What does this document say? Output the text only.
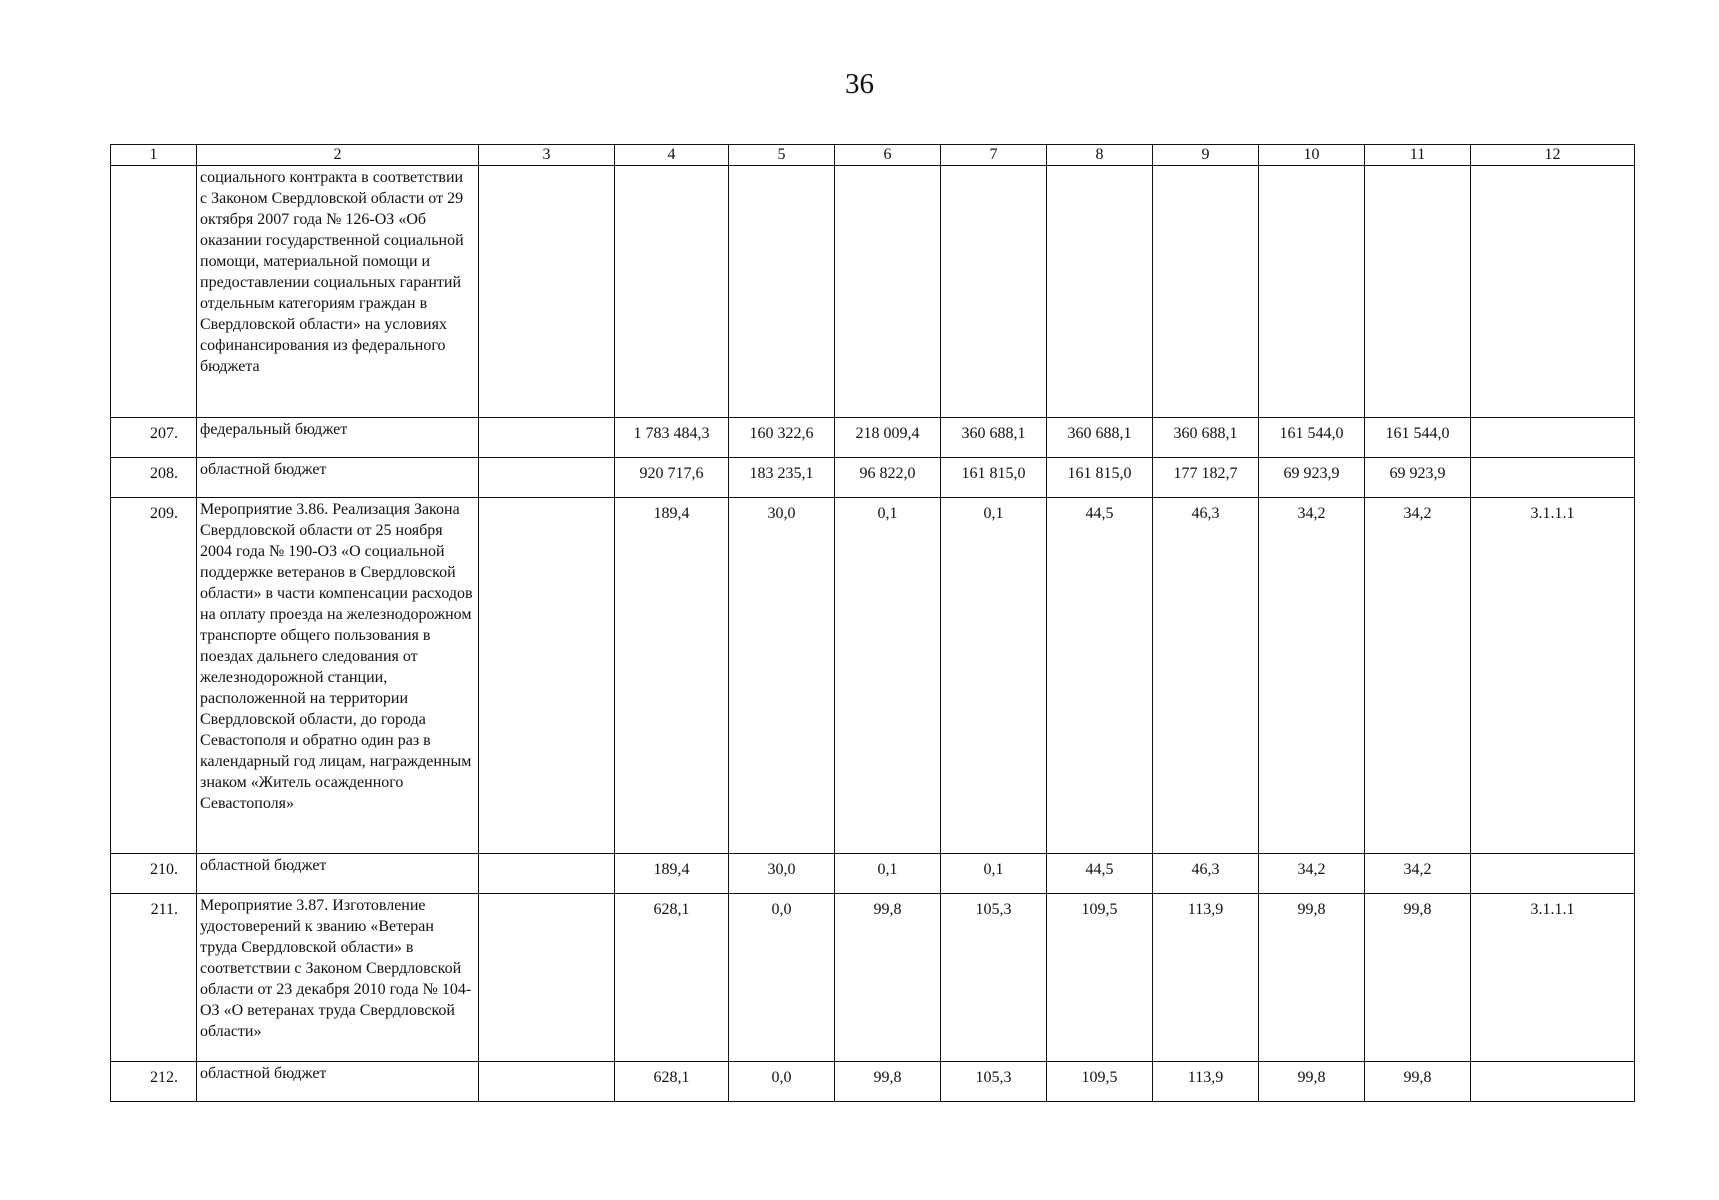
36
1	2	3	4	5	6	7	8	9	10	11	12
	социального контракта в соответствии с Законом Свердловской области от 29 октября 2007 года № 126-ОЗ «Об оказании государственной социальной помощи, материальной помощи и предоставлении социальных гарантий отдельным категориям граждан в Свердловской области» на условиях софинансирования из федерального бюджета										
207.	федеральный бюджет		1 783 484,3	160 322,6	218 009,4	360 688,1	360 688,1	360 688,1	161 544,0	161 544,0	
208.	областной бюджет		920 717,6	183 235,1	96 822,0	161 815,0	161 815,0	177 182,7	69 923,9	69 923,9	
209.	Мероприятие 3.86. Реализация Закона Свердловской области от 25 ноября 2004 года № 190-ОЗ «О социальной поддержке ветеранов в Свердловской области» в части компенсации расходов на оплату проезда на железнодорожном транспорте общего пользования в поездах дальнего следования от железнодорожной станции, расположенной на территории Свердловской области, до города Севастополя и обратно один раз в календарный год лицам, награжденным знаком «Житель осажденного Севастополя»		189,4	30,0	0,1	0,1	44,5	46,3	34,2	34,2	3.1.1.1
210.	областной бюджет		189,4	30,0	0,1	0,1	44,5	46,3	34,2	34,2	
211.	Мероприятие 3.87. Изготовление удостоверений к званию «Ветеран труда Свердловской области» в соответствии с Законом Свердловской области от 23 декабря 2010 года № 104-ОЗ «О ветеранах труда Свердловской области»		628,1	0,0	99,8	105,3	109,5	113,9	99,8	99,8	3.1.1.1
212.	областной бюджет		628,1	0,0	99,8	105,3	109,5	113,9	99,8	99,8	
